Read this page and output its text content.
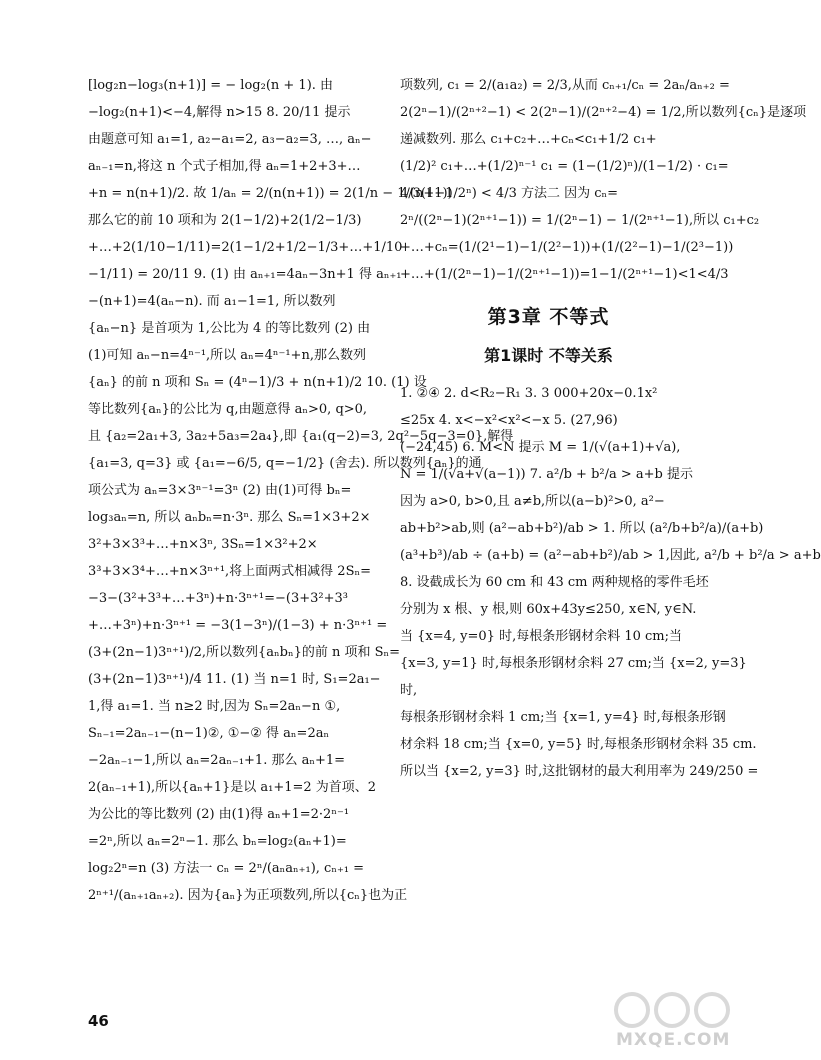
[log₂n−log₃(n+1)] = − log₂(n + 1). 由
−log₂(n+1)<−4,解得 n>15 8. 20/11 提示
由题意可知 a₁=1, a₂−a₁=2, a₃−a₂=3, …, aₙ−
aₙ₋₁=n,将这 n 个式子相加,得 aₙ=1+2+3+…
+n = n(n+1)/2. 故 1/aₙ = 2/(n(n+1)) = 2(1/n − 1/(n+1))
那么它的前 10 项和为 2(1−1/2)+2(1/2−1/3)
+…+2(1/10−1/11)=2(1−1/2+1/2−1/3+…+1/10
−1/11) = 20/11 9. (1) 由 aₙ₊₁=4aₙ−3n+1 得 aₙ₊₁
−(n+1)=4(aₙ−n). 而 a₁−1=1, 所以数列
{aₙ−n} 是首项为 1,公比为 4 的等比数列 (2) 由
(1)可知 aₙ−n=4ⁿ⁻¹,所以 aₙ=4ⁿ⁻¹+n,那么数列
{aₙ} 的前 n 项和 Sₙ = (4ⁿ−1)/3 + n(n+1)/2 10. (1) 设
等比数列{aₙ}的公比为 q,由题意得 aₙ>0, q>0,
且 {a₂=2a₁+3, 3a₂+5a₃=2a₄},即 {a₁(q−2)=3, 2q²−5q−3=0},解得
{a₁=3, q=3} 或 {a₁=−6/5, q=−1/2} (舍去). 所以数列{aₙ}的通
项公式为 aₙ=3×3ⁿ⁻¹=3ⁿ (2) 由(1)可得 bₙ=
log₃aₙ=n, 所以 aₙbₙ=n·3ⁿ. 那么 Sₙ=1×3+2×
3²+3×3³+…+n×3ⁿ, 3Sₙ=1×3²+2×
3³+3×3⁴+…+n×3ⁿ⁺¹,将上面两式相减得 2Sₙ=
−3−(3²+3³+…+3ⁿ)+n·3ⁿ⁺¹=−(3+3²+3³
+…+3ⁿ)+n·3ⁿ⁺¹ = −3(1−3ⁿ)/(1−3) + n·3ⁿ⁺¹ =
(3+(2n−1)3ⁿ⁺¹)/2,所以数列{aₙbₙ}的前 n 项和 Sₙ=
(3+(2n−1)3ⁿ⁺¹)/4 11. (1) 当 n=1 时, S₁=2a₁−
1,得 a₁=1. 当 n≥2 时,因为 Sₙ=2aₙ−n ①,
Sₙ₋₁=2aₙ₋₁−(n−1)②, ①−② 得 aₙ=2aₙ
−2aₙ₋₁−1,所以 aₙ=2aₙ₋₁+1. 那么 aₙ+1=
2(aₙ₋₁+1),所以{aₙ+1}是以 a₁+1=2 为首项、2
为公比的等比数列 (2) 由(1)得 aₙ+1=2·2ⁿ⁻¹
=2ⁿ,所以 aₙ=2ⁿ−1. 那么 bₙ=log₂(aₙ+1)=
log₂2ⁿ=n (3) 方法一 cₙ = 2ⁿ/(aₙaₙ₊₁), cₙ₊₁ =
2ⁿ⁺¹/(aₙ₊₁aₙ₊₂). 因为{aₙ}为正项数列,所以{cₙ}也为正
项数列, c₁ = 2/(a₁a₂) = 2/3,从而 cₙ₊₁/cₙ = 2aₙ/aₙ₊₂ =
2(2ⁿ−1)/(2ⁿ⁺²−1) < 2(2ⁿ−1)/(2ⁿ⁺²−4) = 1/2,所以数列{cₙ}是逐项
递减数列. 那么 c₁+c₂+…+cₙ<c₁+1/2 c₁+
(1/2)² c₁+…+(1/2)ⁿ⁻¹ c₁ = (1−(1/2)ⁿ)/(1−1/2) · c₁=
4/3(1−1/2ⁿ) < 4/3 方法二 因为 cₙ=
2ⁿ/((2ⁿ−1)(2ⁿ⁺¹−1)) = 1/(2ⁿ−1) − 1/(2ⁿ⁺¹−1),所以 c₁+c₂
+…+cₙ=(1/(2¹−1)−1/(2²−1))+(1/(2²−1)−1/(2³−1))
+…+(1/(2ⁿ−1)−1/(2ⁿ⁺¹−1))=1−1/(2ⁿ⁺¹−1)<1<4/3
第3章 不等式
第1课时 不等关系
1. ②④ 2. d<R₂−R₁ 3. 3 000+20x−0.1x²
≤25x 4. x<−x²<x²<−x 5. (27,96)
(−24,45) 6. M<N 提示 M = 1/(√(a+1)+√a),
N = 1/(√a+√(a−1)) 7. a²/b + b²/a > a+b 提示
因为 a>0, b>0,且 a≠b,所以(a−b)²>0, a²−
ab+b²>ab,则 (a²−ab+b²)/ab > 1. 所以 (a²/b+b²/a)/(a+b)
(a³+b³)/ab ÷ (a+b) = (a²−ab+b²)/ab > 1,因此, a²/b + b²/a > a+b
8. 设截成长为 60 cm 和 43 cm 两种规格的零件毛坯
分别为 x 根、y 根,则 60x+43y≤250, x∈N, y∈N.
当 {x=4, y=0} 时,每根条形钢材余料 10 cm;当
{x=3, y=1} 时,每根条形钢材余料 27 cm;当 {x=2, y=3}
时,
每根条形钢材余料 1 cm;当 {x=1, y=4} 时,每根条形钢
材余料 18 cm;当 {x=0, y=5} 时,每根条形钢材余料 35 cm.
所以当 {x=2, y=3} 时,这批钢材的最大利用率为 249/250 =
46
MXQE.COM
